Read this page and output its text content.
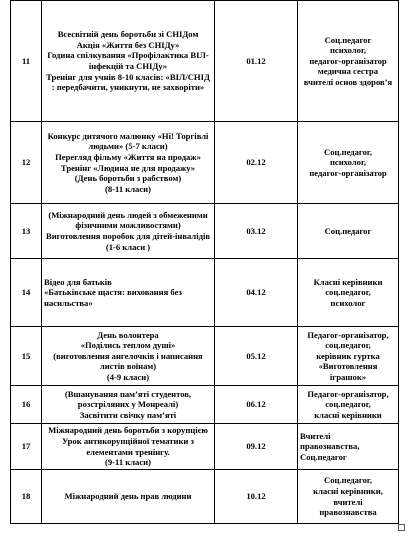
11	Всесвітній день боротьби зі СНІДом
Акція «Життя без СНІДу»
Година спілкування «Профілактика ВІЛ-інфекцій та СНІДу»
Тренінг для учнів 8-10 класів: «ВІЛ/СНІД : передбачити, уникнути, не захворіти»	01.12	Соц.педагог
психолог,
педагог-організатор
медична сестра
вчителі основ здоров’я
12	Конкурс дитячого малюнку «Ні! Торгівлі людьми» (5-7 класи)
Перегляд фільму «Життя на продаж»
Тренінг «Людина не для продажу»
(День боротьби з рабством)
(8-11 класи)	02.12	Соц.педагог,
психолог,
педагог-організатор
13	(Міжнародний день людей з обмеженими фізичними можливостями)
Виготовлення поробок для дітей-інвалідів (1-6 класи )	03.12	Соц.педагог
14	Відео для батьків
«Батьківське щастя: виховання без насильства»	04.12	Класні керівники
соц.педагог,
психолог
15	День волонтера
«Поділись теплом душі»
(виготовлення ангелочків і написання листів воїнам)
(4-9 класи)	05.12	Педагог-організатор,
соц.педагог,
керівник гуртка
«Виготовлення іграшок»
16	(Вшанування пам’яті студентов, розстріляних у Монреалі)
Засвітити свічку пам’яті	06.12	Педагог-організатор,
соц.педагог,
класні керівники
17	Міжнародний день боротьби з корупцією Урок антикорупційної тематики з елементами тренінгу.
(9-11 класи)	09.12	Вчителі
правознавства,
Соц.педагог
18	Міжнародний день прав людини	10.12	Соц.педагог,
класні керівники,
вчителі
правознавства
